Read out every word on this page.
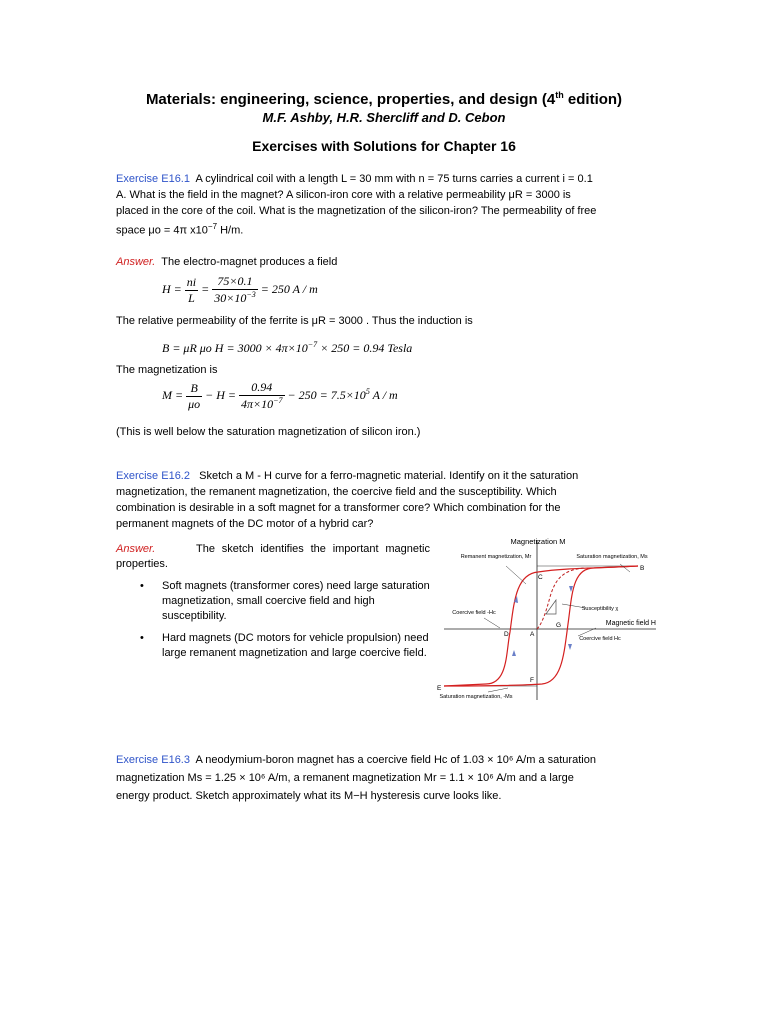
Materials: engineering, science, properties, and design (4th edition)
M.F. Ashby, H.R. Shercliff and D. Cebon
Exercises with Solutions for Chapter 16
Exercise E16.1 A cylindrical coil with a length L = 30 mm with n = 75 turns carries a current i = 0.1
A. What is the field in the magnet? A silicon-iron core with a relative permeability μR = 3000 is
placed in the core of the coil. What is the magnetization of the silicon-iron? The permeability of free
space μo = 4π $x10^{-7}$ H/m.
Answer. The electro-magnet produces a field
$H = \frac{ni}{L} = \frac{75\times 0.1}{30\times 10^{-3}} = 250$ A / m
The relative permeability of the ferrite is μR = 3000 . Thus the induction is
B = μR μo $H = 3000 \times 4\pi\times 10^{-7} \times 250 = 0.94$ Tesla
The magnetization is
$M = \frac{B}{\mu o} - H = \frac{0.94}{4\pi\times 10^{-7}} - 250 = 7.5\times 10^5$ A / m
(This is well below the saturation magnetization of silicon iron.)
Exercise E16.2 Sketch a M - H curve for a ferro-magnetic material. Identify on it the saturation
magnetization, the remanent magnetization, the coercive field and the susceptibility. Which
combination is desirable in a soft magnet for a transformer core? Which combination for the
permanent magnets of the DC motor of a hybrid car?
Answer.	The sketch identifies the important magnetic properties.
• Soft magnets (transformer cores) need large saturation magnetization, small coercive field and high susceptibility.
• Hard magnets (DC motors for vehicle propulsion) need large remanent magnetization and large coercive field.
Magnetization M
Magnetic field H
Remanent magnetization, Mr	Saturation magnetization, Ms
Susceptibility χ
Coercive field -Hc
Coercive field Hc
Saturation magnetization, -Ms
A
B
C
D
E
F
G
Exercise E16.3 A neodymium-boron magnet has a coercive field Hc of 1.03 × 10⁶ A/m a saturation
magnetization Ms = 1.25 × 10⁶ A/m, a remanent magnetization Mr = 1.1 × 10⁶ A/m and a large
energy product. Sketch approximately what its M−H hysteresis curve looks like.
